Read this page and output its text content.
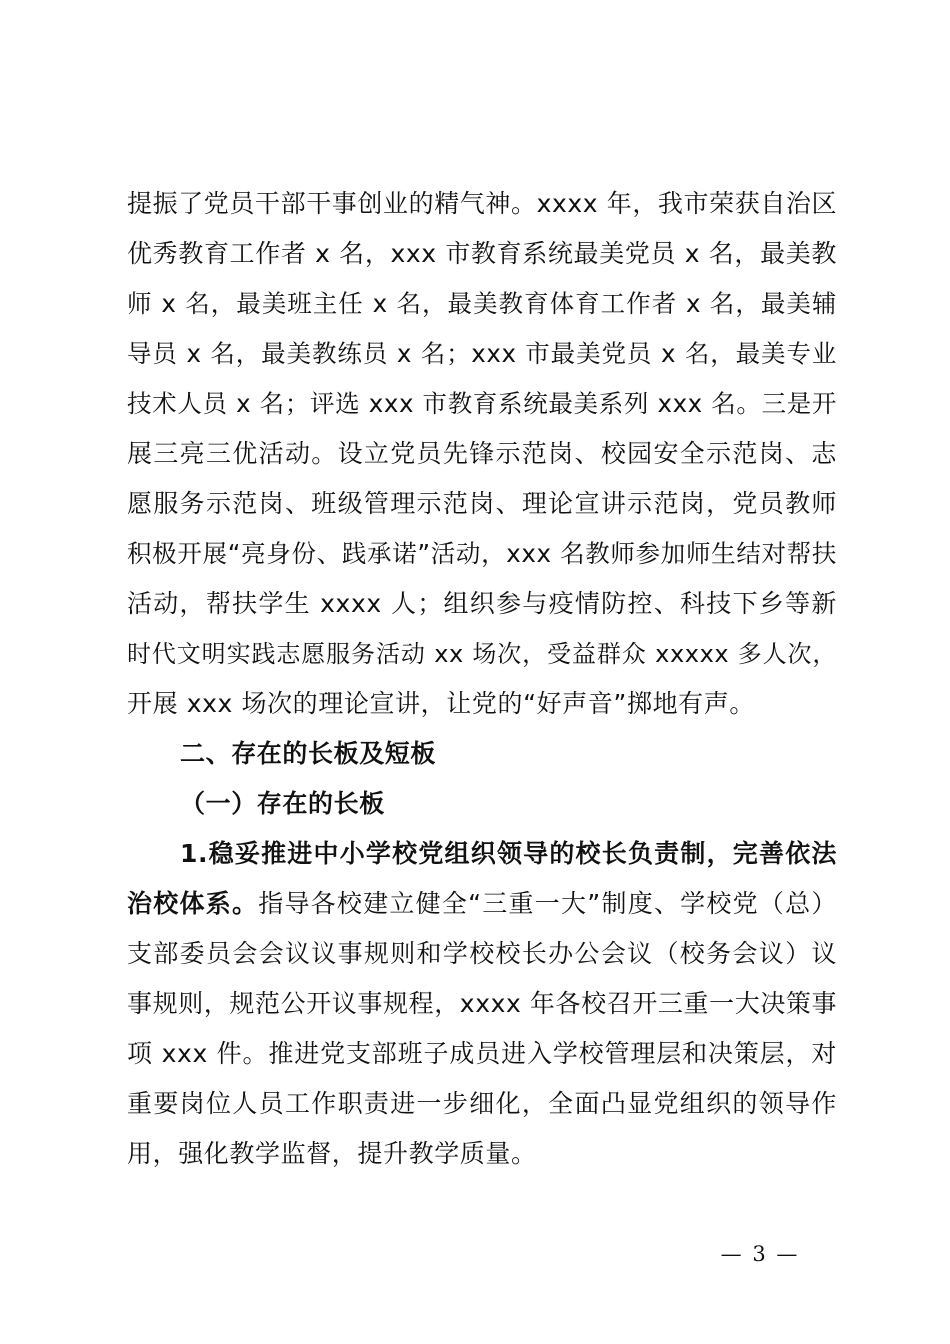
提振了党员干部干事创业的精气神。xxxx 年，我市荣获自治区
优秀教育工作者 x 名，xxx 市教育系统最美党员 x 名，最美教
师 x 名，最美班主任 x 名，最美教育体育工作者 x 名，最美辅
导员 x 名，最美教练员 x 名；xxx 市最美党员 x 名，最美专业
技术人员 x 名；评选 xxx 市教育系统最美系列 xxx 名。三是开
展三亮三优活动。设立党员先锋示范岗、校园安全示范岗、志
愿服务示范岗、班级管理示范岗、理论宣讲示范岗，党员教师
积极开展“亮身份、践承诺”活动，xxx 名教师参加师生结对帮扶
活动，帮扶学生 xxxx 人；组织参与疫情防控、科技下乡等新
时代文明实践志愿服务活动 xx 场次，受益群众 xxxxx 多人次，
开展 xxx 场次的理论宣讲，让党的“好声音”掷地有声。
二、存在的长板及短板
（一）存在的长板
1.稳妥推进中小学校党组织领导的校长负责制，完善依法
治校体系。指导各校建立健全“三重一大”制度、学校党（总）
支部委员会会议议事规则和学校校长办公会议（校务会议）议
事规则，规范公开议事规程，xxxx 年各校召开三重一大决策事
项 xxx 件。推进党支部班子成员进入学校管理层和决策层，对
重要岗位人员工作职责进一步细化，全面凸显党组织的领导作
用，强化教学监督，提升教学质量。
— 3 —
